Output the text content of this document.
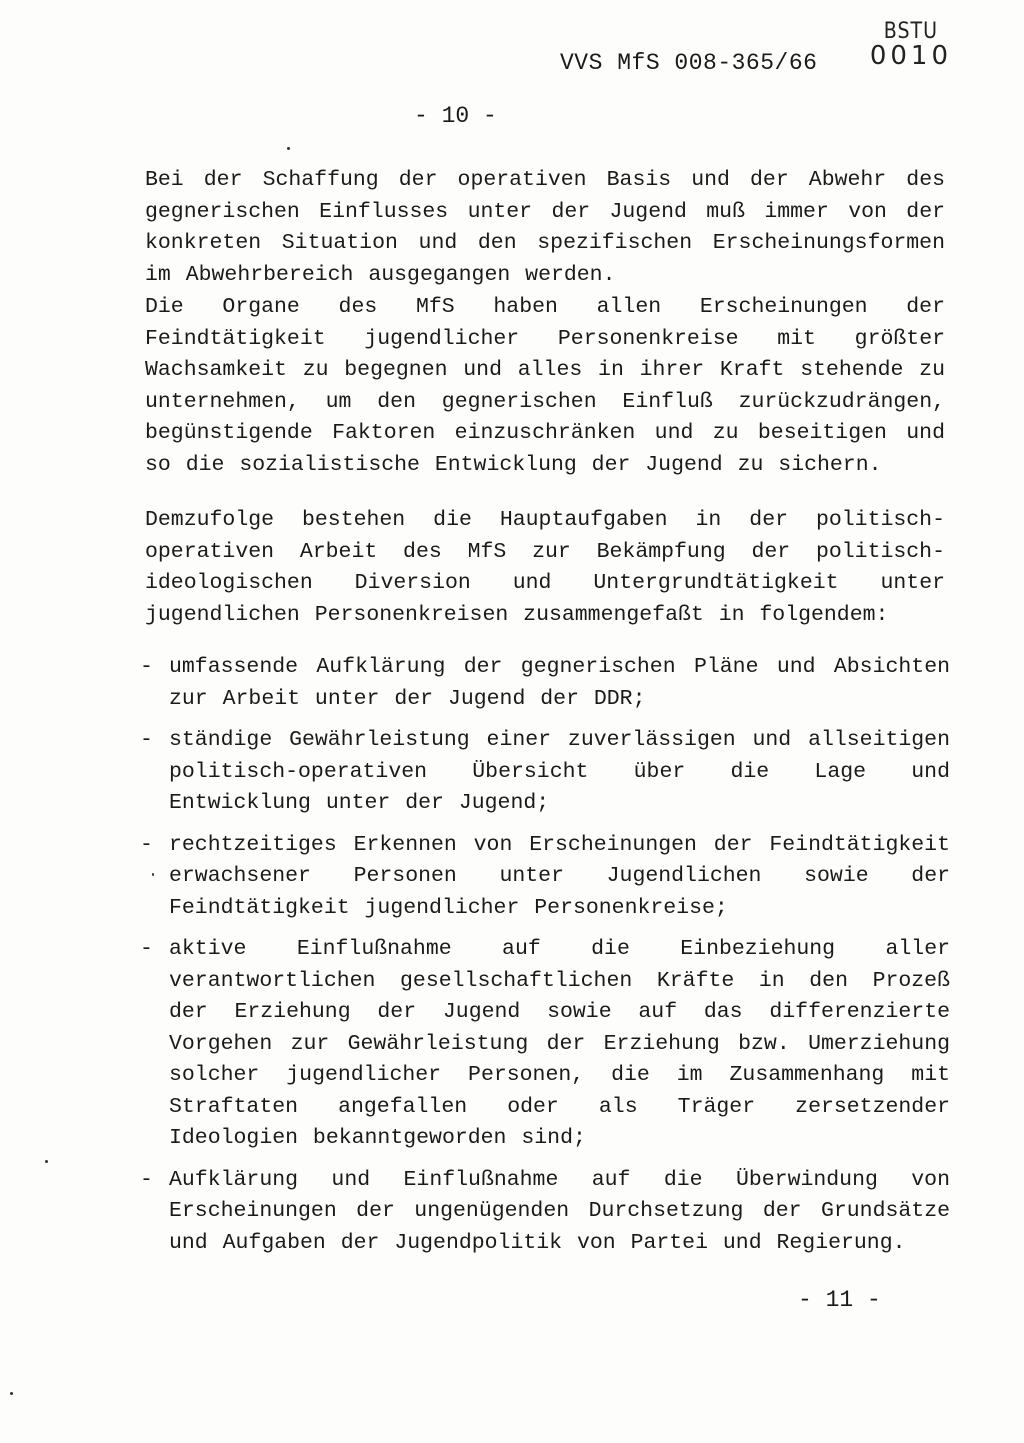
BSTU
0010
VVS MfS 008-365/66
- 10 -

Bei der Schaffung der operativen Basis und der Abwehr des gegnerischen Einflusses unter der Jugend muß immer von der konkreten Situation und den spezifischen Erscheinungsformen im Abwehrbereich ausgegangen werden.

Die Organe des MfS haben allen Erscheinungen der Feindtätigkeit jugendlicher Personenkreise mit größter Wachsamkeit zu begegnen und alles in ihrer Kraft stehende zu unternehmen, um den gegnerischen Einfluß zurückzudrängen, begünstigende Faktoren einzuschränken und zu beseitigen und so die sozialistische Entwicklung der Jugend zu sichern.

Demzufolge bestehen die Hauptaufgaben in der politisch-operativen Arbeit des MfS zur Bekämpfung der politisch-ideologischen Diversion und Untergrundtätigkeit unter jugendlichen Personenkreisen zusammengefaßt in folgendem:

- umfassende Aufklärung der gegnerischen Pläne und Absichten zur Arbeit unter der Jugend der DDR;
- ständige Gewährleistung einer zuverlässigen und allseitigen politisch-operativen Übersicht über die Lage und Entwicklung unter der Jugend;
- rechtzeitiges Erkennen von Erscheinungen der Feindtätigkeit erwachsener Personen unter Jugendlichen sowie der Feindtätigkeit jugendlicher Personenkreise;
- aktive Einflußnahme auf die Einbeziehung aller verantwortlichen gesellschaftlichen Kräfte in den Prozeß der Erziehung der Jugend sowie auf das differenzierte Vorgehen zur Gewährleistung der Erziehung bzw. Umerziehung solcher jugendlicher Personen, die im Zusammenhang mit Straftaten angefallen oder als Träger zersetzender Ideologien bekanntgeworden sind;
- Aufklärung und Einflußnahme auf die Überwindung von Erscheinungen der ungenügenden Durchsetzung der Grundsätze und Aufgaben der Jugendpolitik von Partei und Regierung.
- 11 -
